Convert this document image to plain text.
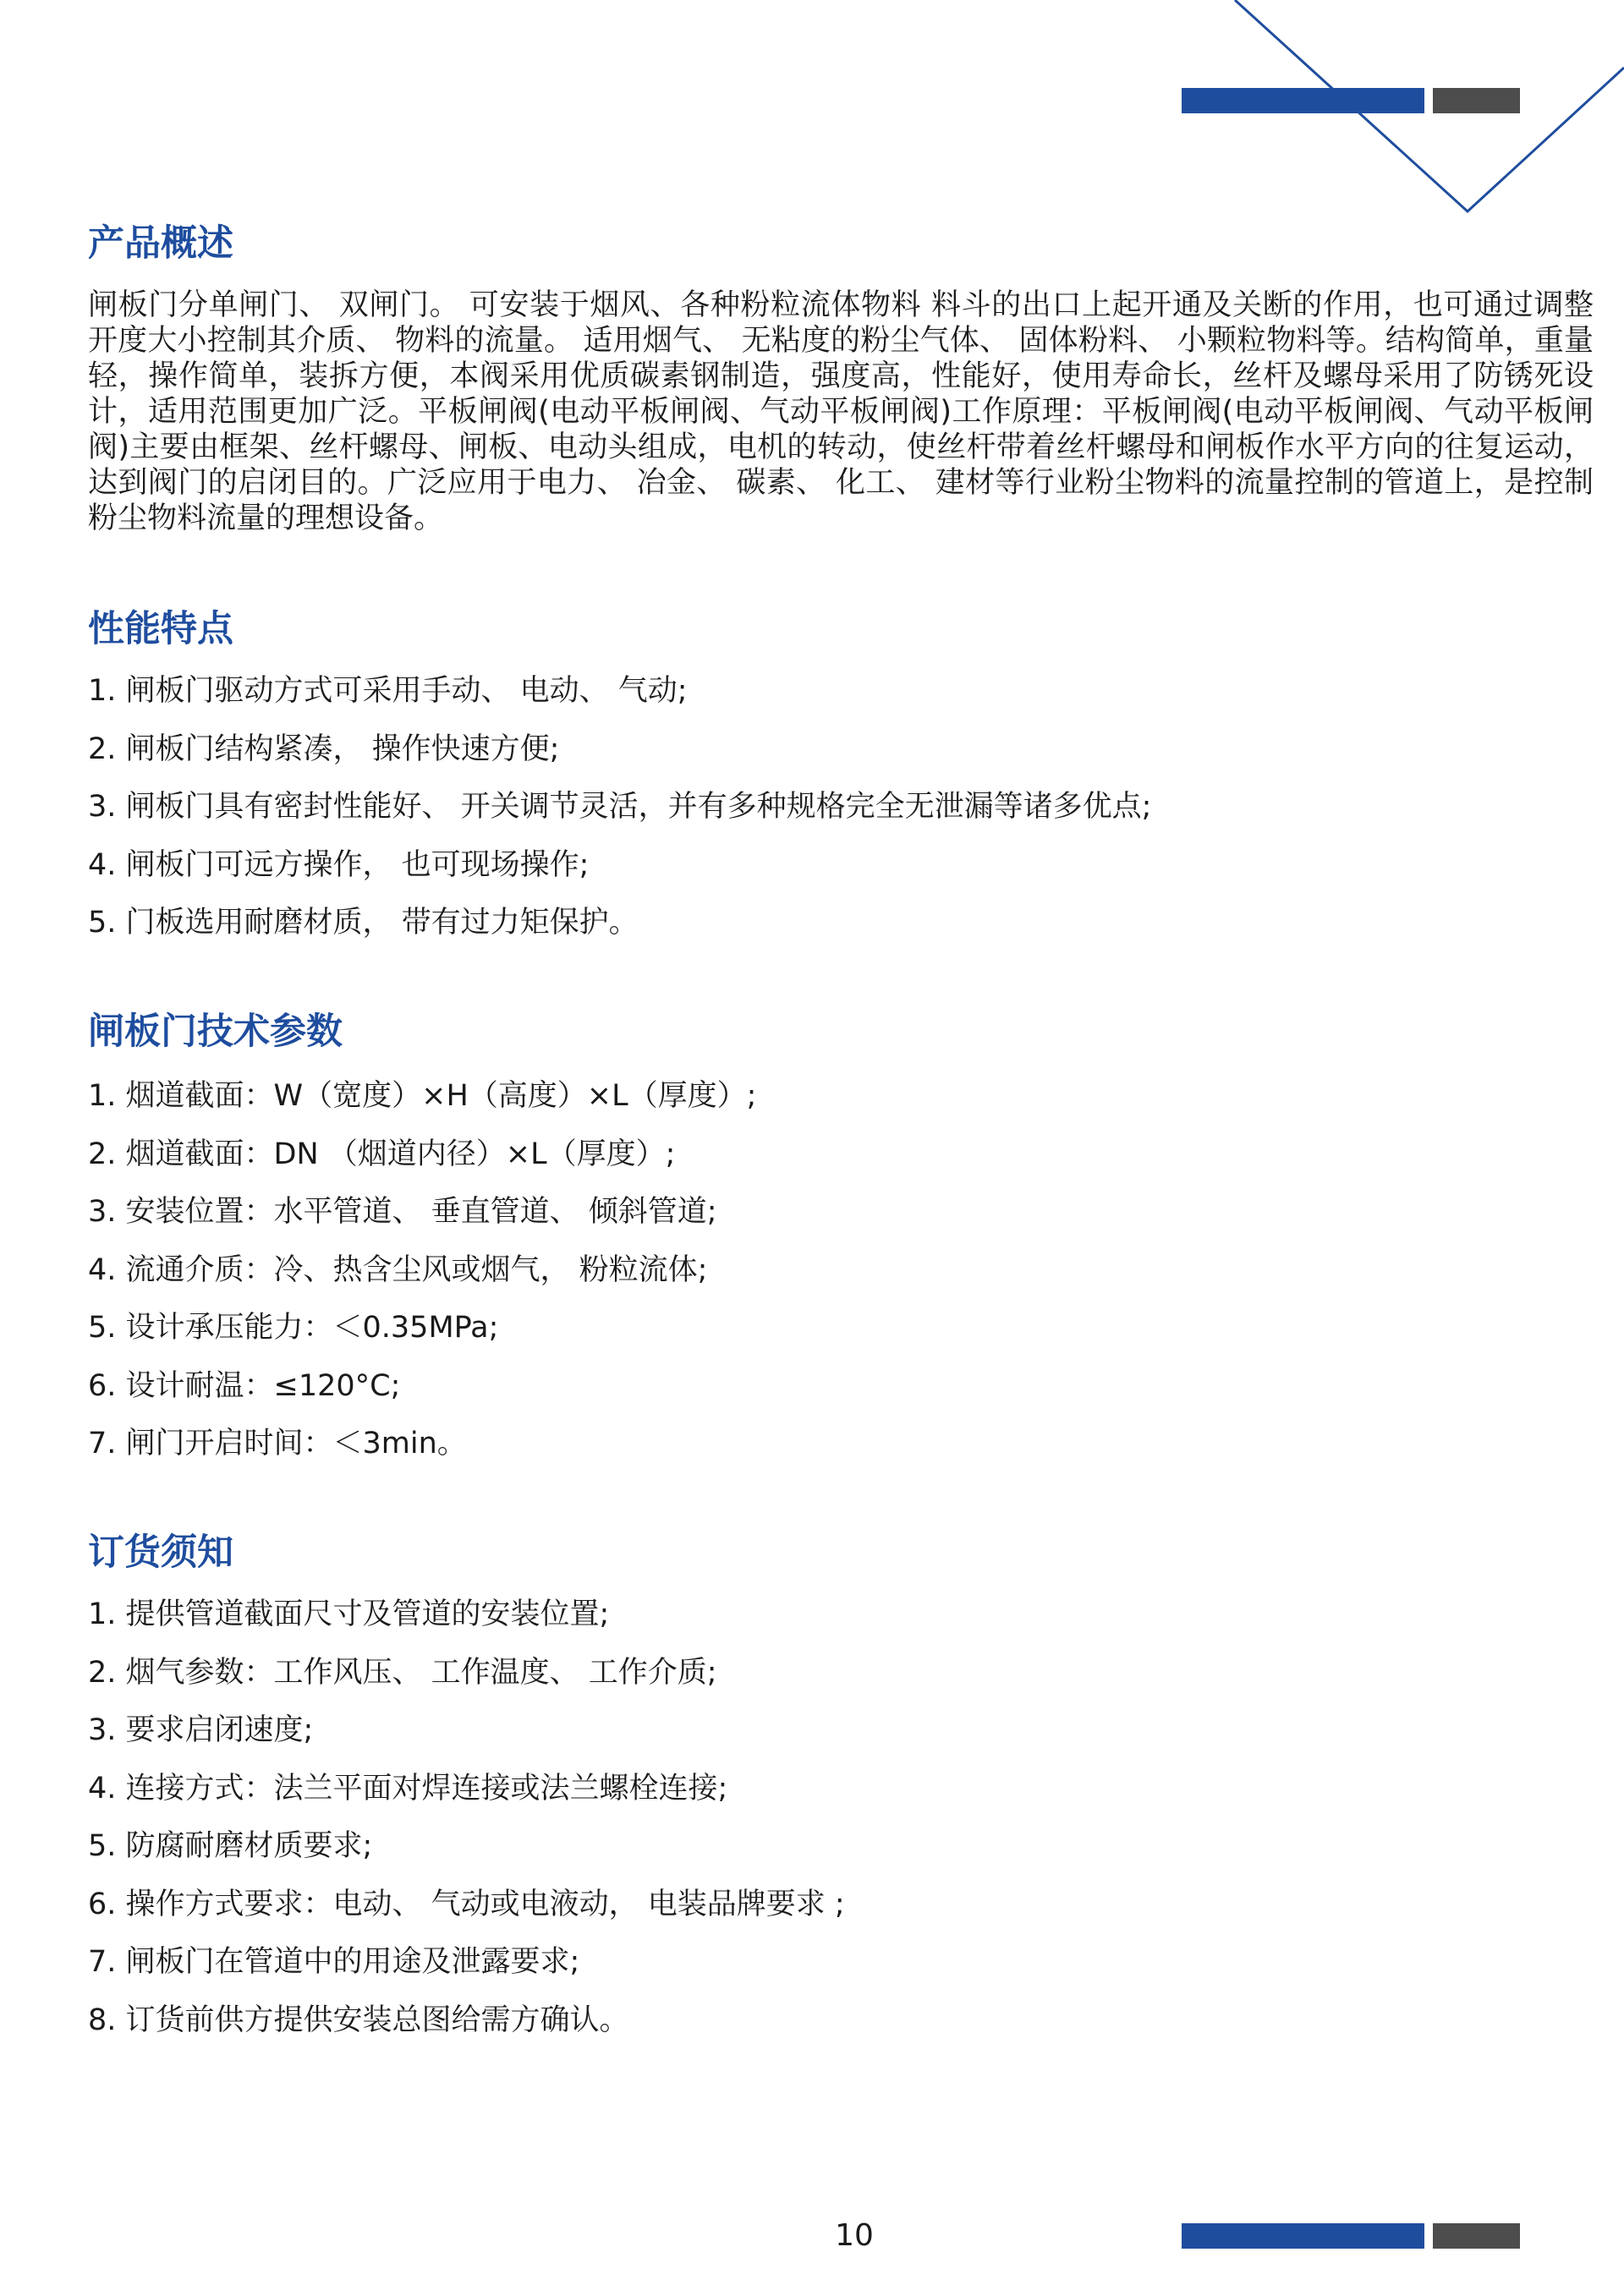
产品概述

闸板门分单闸门、 双闸门。 可安装于烟风、各种粉粒流体物料 料斗的出口上起开通及关断的作用，也可通过调整开度大小控制其介质、 物料的流量。 适用烟气、 无粘度的粉尘气体、 固体粉料、 小颗粒物料等。结构简单，重量轻，操作简单，装拆方便，本阀采用优质碳素钢制造，强度高，性能好，使用寿命长，丝杆及螺母采用了防锈死设计，适用范围更加广泛。平板闸阀(电动平板闸阀、气动平板闸阀)工作原理：平板闸阀(电动平板闸阀、气动平板闸阀)主要由框架、丝杆螺母、闸板、电动头组成，电机的转动，使丝杆带着丝杆螺母和闸板作水平方向的往复运动，达到阀门的启闭目的。广泛应用于电力、 冶金、 碳素、 化工、 建材等行业粉尘物料的流量控制的管道上，是控制粉尘物料流量的理想设备。

性能特点
1. 闸板门驱动方式可采用手动、 电动、 气动;
2. 闸板门结构紧凑， 操作快速方便;
3. 闸板门具有密封性能好、 开关调节灵活，并有多种规格完全无泄漏等诸多优点;
4. 闸板门可远方操作， 也可现场操作;
5. 门板选用耐磨材质， 带有过力矩保护。
闸板门技术参数
1. 烟道截面：W（宽度）×H（高度）×L（厚度）;
2. 烟道截面：DN （烟道内径）×L（厚度）;
3. 安装位置：水平管道、 垂直管道、 倾斜管道;
4. 流通介质：冷、热含尘风或烟气， 粉粒流体;
5. 设计承压能力：＜0.35MPa;
6. 设计耐温：≤120°C;
7. 闸门开启时间：＜3min。
订货须知
1. 提供管道截面尺寸及管道的安装位置;
2. 烟气参数：工作风压、 工作温度、 工作介质;
3. 要求启闭速度;
4. 连接方式：法兰平面对焊连接或法兰螺栓连接;
5. 防腐耐磨材质要求;
6. 操作方式要求：电动、 气动或电液动， 电装品牌要求 ;
7. 闸板门在管道中的用途及泄露要求;
8. 订货前供方提供安装总图给需方确认。
10
